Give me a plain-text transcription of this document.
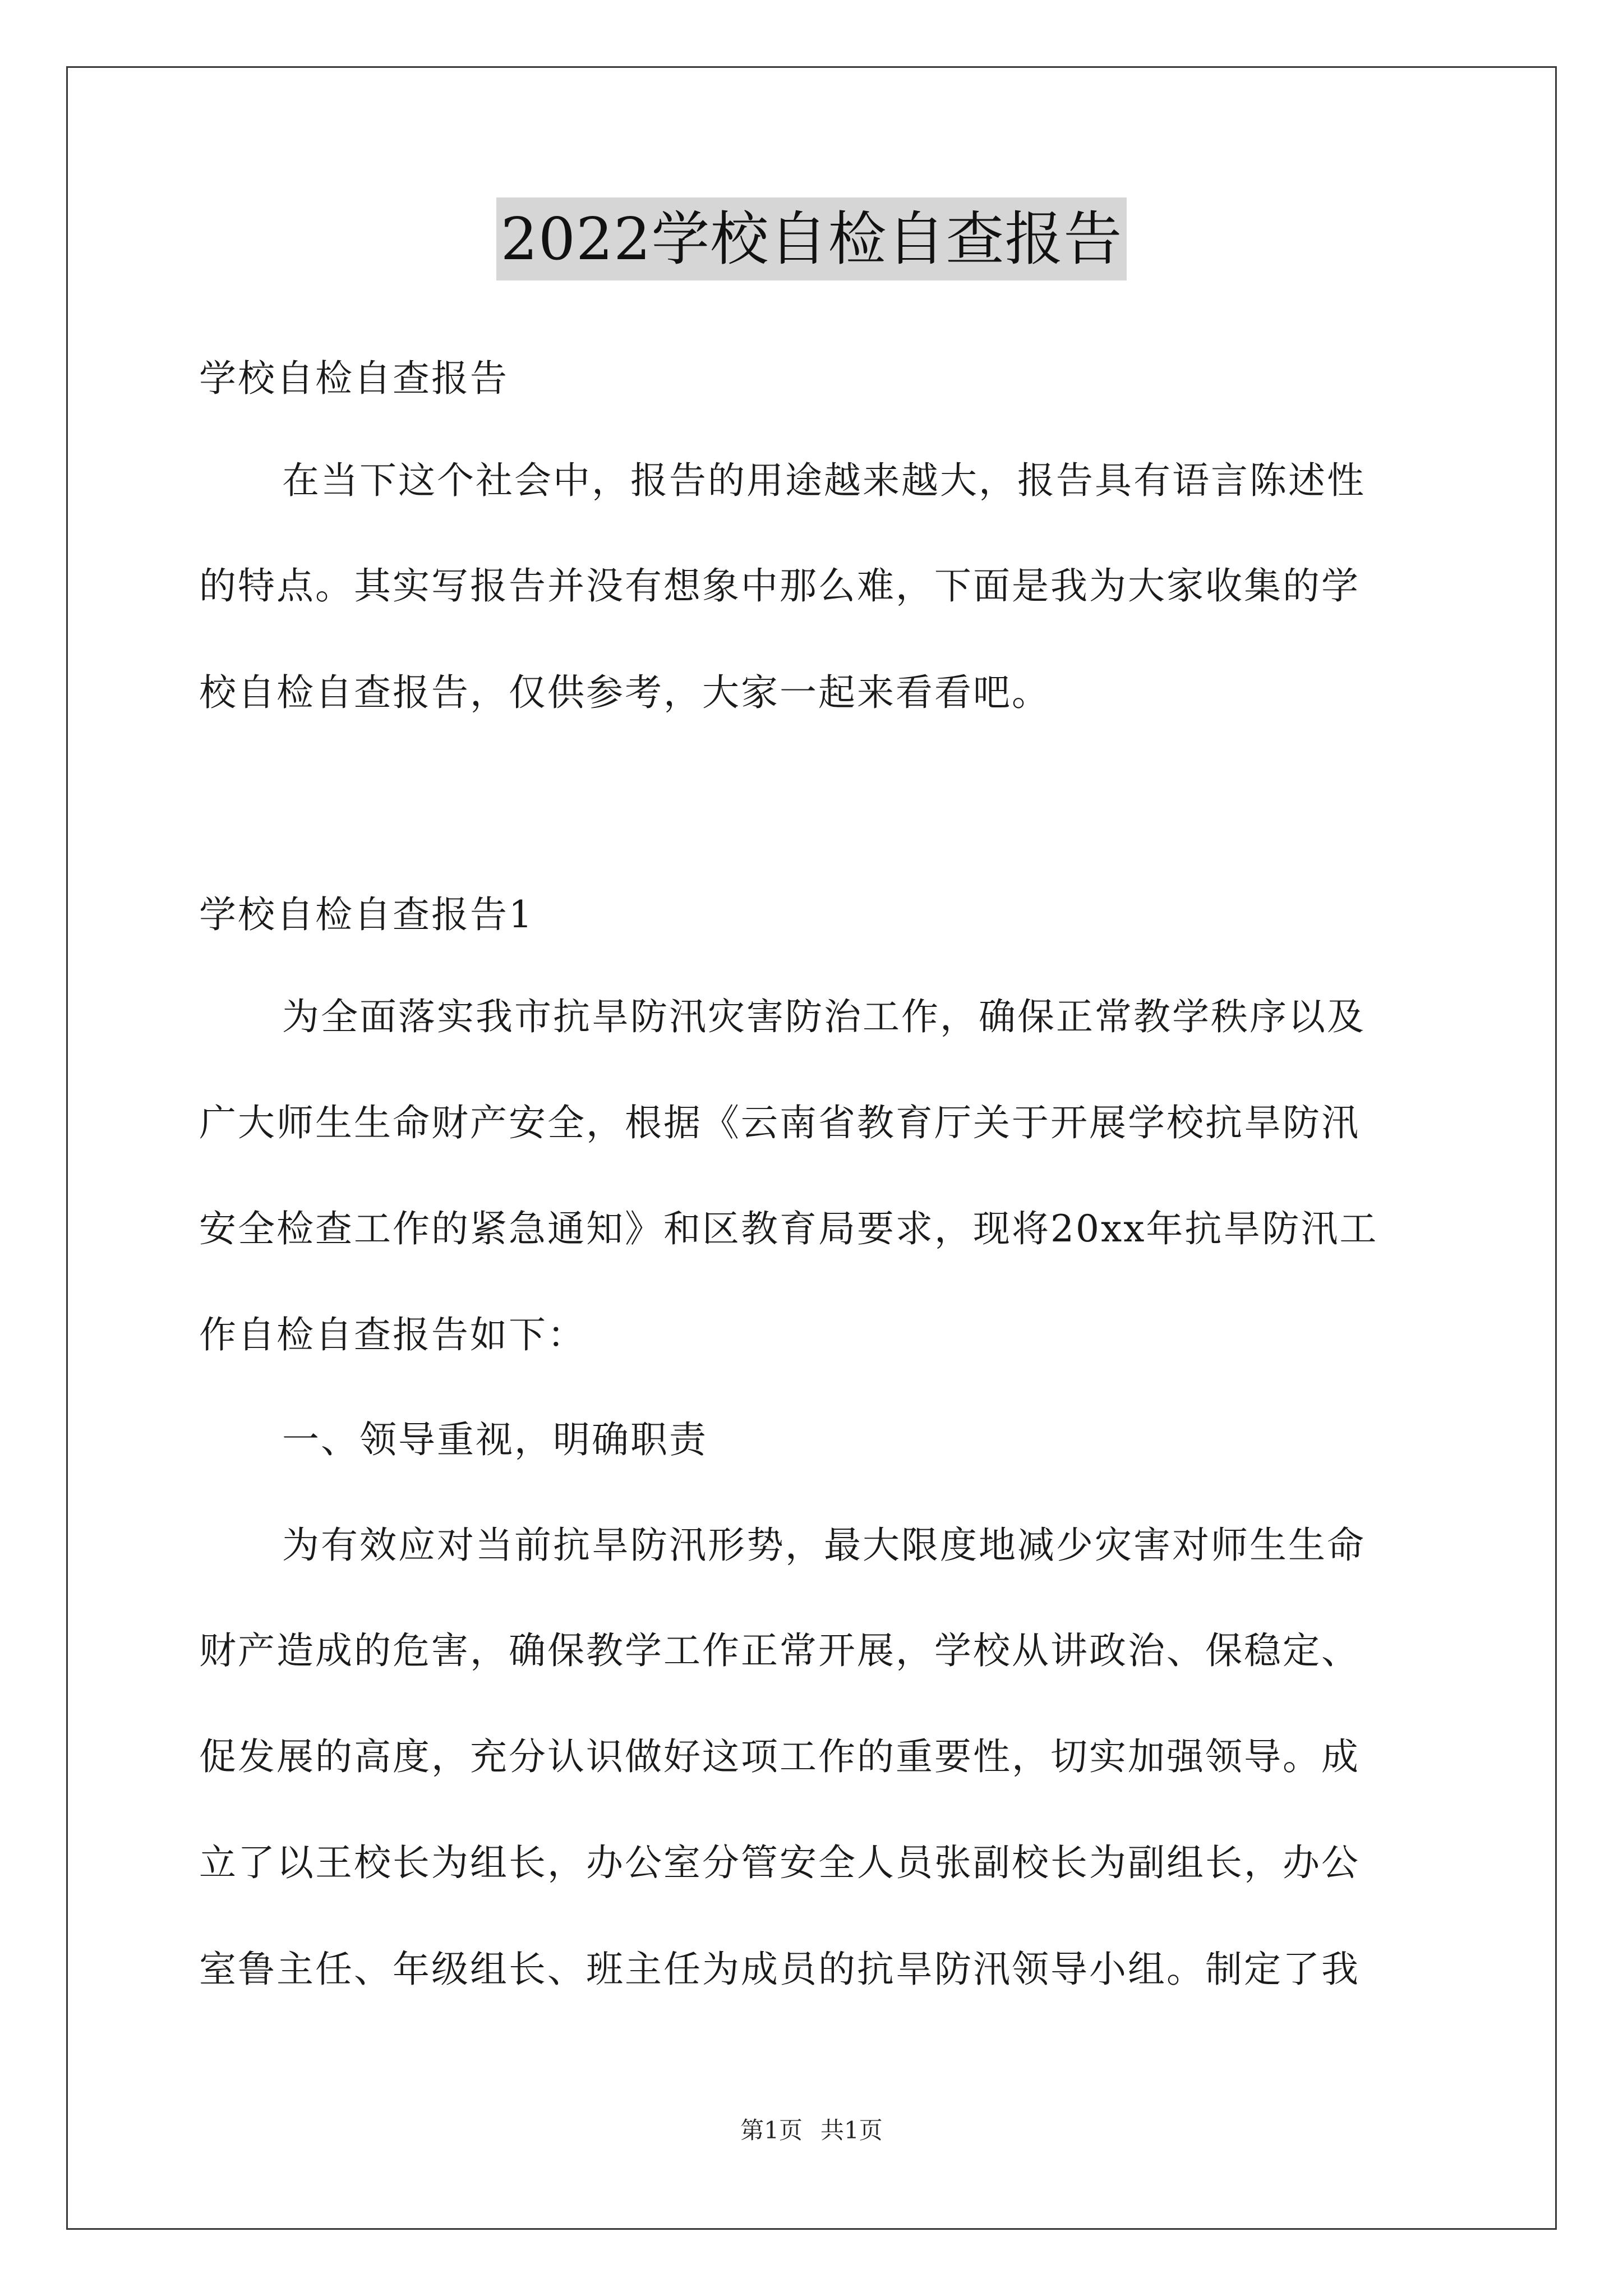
2022学校自检自查报告
学校自检自查报告
在当下这个社会中，报告的用途越来越大，报告具有语言陈述性
的特点。其实写报告并没有想象中那么难，下面是我为大家收集的学
校自检自查报告，仅供参考，大家一起来看看吧。
学校自检自查报告1
为全面落实我市抗旱防汛灾害防治工作，确保正常教学秩序以及
广大师生生命财产安全，根据《云南省教育厅关于开展学校抗旱防汛
安全检查工作的紧急通知》和区教育局要求，现将20xx年抗旱防汛工
作自检自查报告如下：
一、领导重视，明确职责
为有效应对当前抗旱防汛形势，最大限度地减少灾害对师生生命
财产造成的危害，确保教学工作正常开展，学校从讲政治、保稳定、
促发展的高度，充分认识做好这项工作的重要性，切实加强领导。成
立了以王校长为组长，办公室分管安全人员张副校长为副组长，办公
室鲁主任、年级组长、班主任为成员的抗旱防汛领导小组。制定了我
第1页 共1页
